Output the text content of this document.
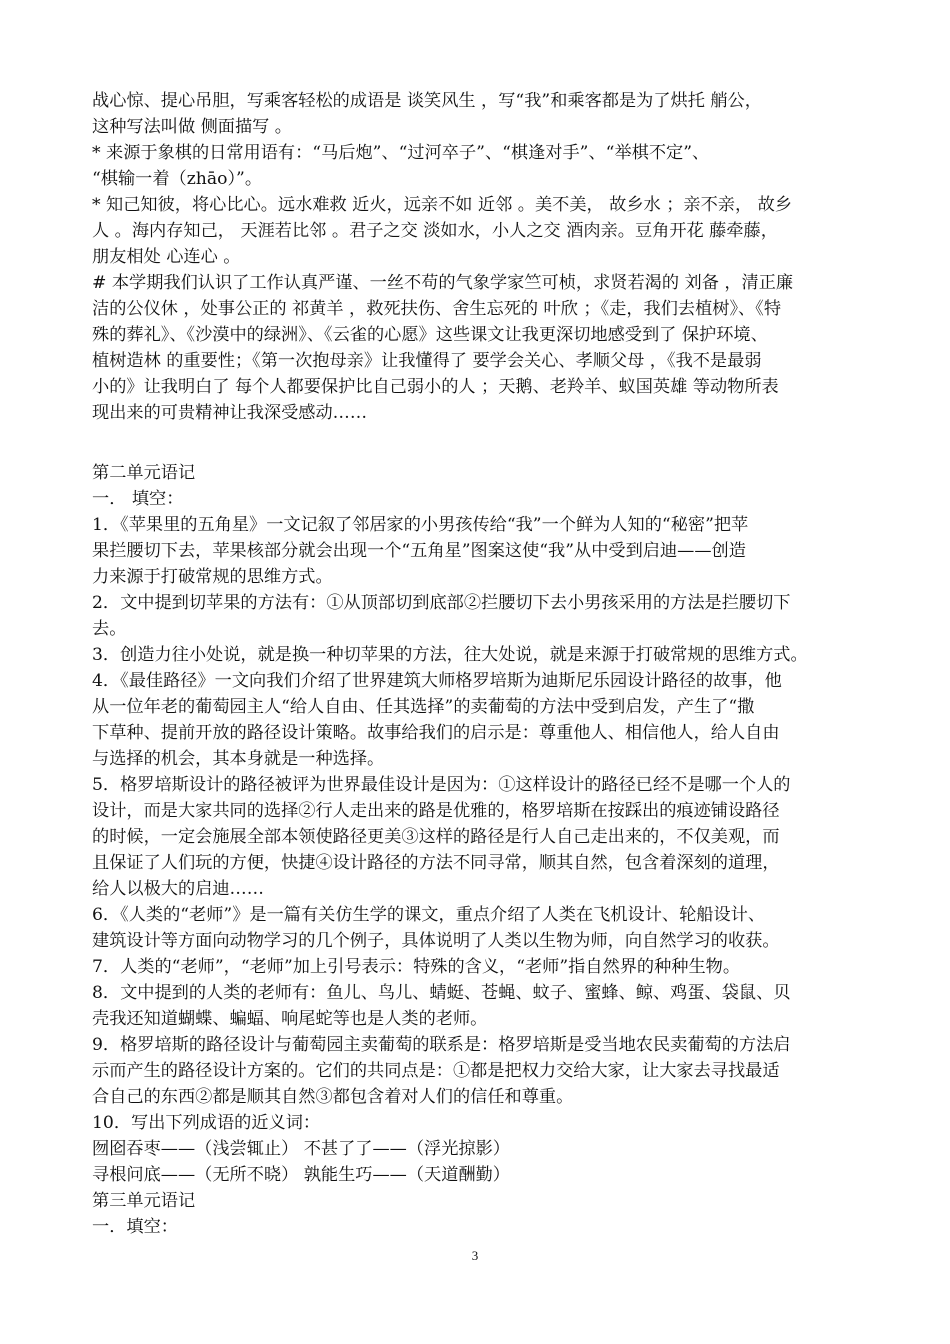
战心惊、提心吊胆，写乘客轻松的成语是 谈笑风生 ，写“我”和乘客都是为了烘托 艄公，
这种写法叫做 侧面描写 。
* 来源于象棋的日常用语有：“马后炮”、“过河卒子”、“棋逢对手”、“举棋不定”、
“棋输一着（zhāo）”。
* 知己知彼，将心比心。远水难救 近火，远亲不如 近邻 。美不美， 故乡水 ；亲不亲， 故乡
人 。海内存知己， 天涯若比邻 。君子之交 淡如水，小人之交 酒肉亲。豆角开花 藤牵藤，
朋友相处 心连心 。
# 本学期我们认识了工作认真严谨、一丝不苟的气象学家竺可桢，求贤若渴的 刘备 ，清正廉
洁的公仪休 ，处事公正的 祁黄羊 ，救死扶伤、舍生忘死的 叶欣 ；《走，我们去植树》、《特
殊的葬礼》、《沙漠中的绿洲》、《云雀的心愿》这些课文让我更深切地感受到了 保护环境、
植树造林 的重要性；《第一次抱母亲》让我懂得了 要学会关心、孝顺父母 ，《我不是最弱
小的》让我明白了 每个人都要保护比自己弱小的人 ；天鹅、老羚羊、蚁国英雄 等动物所表
现出来的可贵精神让我深受感动……
第二单元语记
一． 填空：
1．《苹果里的五角星》一文记叙了邻居家的小男孩传给“我”一个鲜为人知的“秘密”把苹
果拦腰切下去，苹果核部分就会出现一个“五角星”图案这使“我”从中受到启迪——创造
力来源于打破常规的思维方式。
2．文中提到切苹果的方法有：①从顶部切到底部②拦腰切下去小男孩采用的方法是拦腰切下
去。
3．创造力往小处说，就是换一种切苹果的方法，往大处说，就是来源于打破常规的思维方式。
4．《最佳路径》一文向我们介绍了世界建筑大师格罗培斯为迪斯尼乐园设计路径的故事，他
从一位年老的葡萄园主人“给人自由、任其选择”的卖葡萄的方法中受到启发，产生了“撒
下草种、提前开放的路径设计策略。故事给我们的启示是：尊重他人、相信他人，给人自由
与选择的机会，其本身就是一种选择。
5．格罗培斯设计的路径被评为世界最佳设计是因为：①这样设计的路径已经不是哪一个人的
设计，而是大家共同的选择②行人走出来的路是优雅的，格罗培斯在按踩出的痕迹铺设路径
的时候，一定会施展全部本领使路径更美③这样的路径是行人自己走出来的，不仅美观，而
且保证了人们玩的方便，快捷④设计路径的方法不同寻常，顺其自然，包含着深刻的道理，
给人以极大的启迪……
6．《人类的“老师”》是一篇有关仿生学的课文，重点介绍了人类在飞机设计、轮船设计、
建筑设计等方面向动物学习的几个例子，具体说明了人类以生物为师，向自然学习的收获。
7．人类的“老师”，“老师”加上引号表示：特殊的含义，“老师”指自然界的种种生物。
8．文中提到的人类的老师有：鱼儿、鸟儿、蜻蜓、苍蝇、蚊子、蜜蜂、鲸、鸡蛋、袋鼠、贝
壳我还知道蝴蝶、蝙蝠、响尾蛇等也是人类的老师。
9．格罗培斯的路径设计与葡萄园主卖葡萄的联系是：格罗培斯是受当地农民卖葡萄的方法启
示而产生的路径设计方案的。它们的共同点是：①都是把权力交给大家，让大家去寻找最适
合自己的东西②都是顺其自然③都包含着对人们的信任和尊重。
10．写出下列成语的近义词：
囫囵吞枣——（浅尝辄止） 不甚了了——（浮光掠影）
寻根问底——（无所不晓） 孰能生巧——（天道酬勤）
第三单元语记
一．填空：
3
